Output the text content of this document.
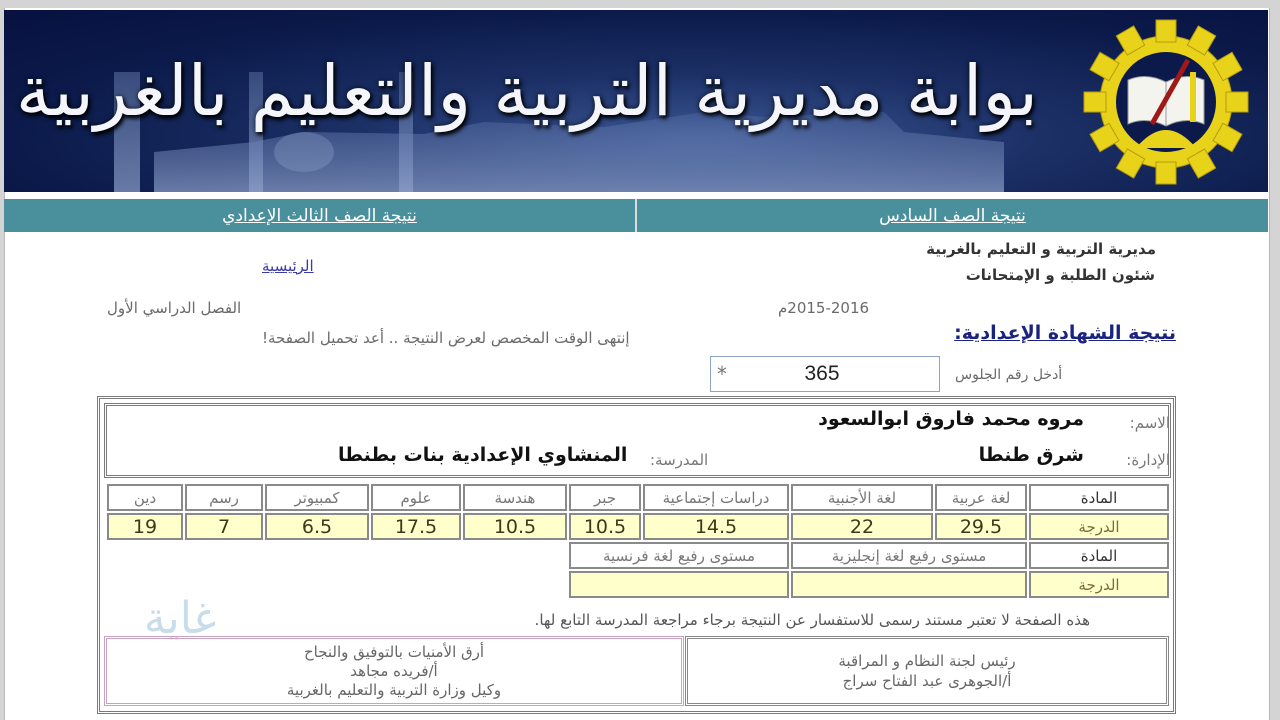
بوابة مديرية التربية والتعليم بالغربية
نتيجة الصف السادس
نتيجة الصف الثالث الإعدادي
مديرية التربية و التعليم بالغربية
شئون الطلبة و الإمتحانات
الرئيسية
2015-2016م
الفصل الدراسي الأول
نتيجة الشهادة الإعدادية:
إنتهى الوقت المخصص لعرض النتيجة .. أعد تحميل الصفحة!
أدخل رقم الجلوس
*
365
الاسم:
مروه محمد فاروق ابوالسعود
الإدارة:
شرق طنطا
المدرسة:
المنشاوي الإعدادية بنات بطنطا
المادة	لغة عربية	لغة الأجنبية	دراسات إجتماعية	جبر	هندسة	علوم	كمبيوتر	رسم	دين
الدرجة	29.5	22	14.5	10.5	10.5	17.5	6.5	7	19
المادة	مستوى رفيع لغة إنجليزية		مستوى رفيع لغة فرنسية						
الدرجة									
غاية	هذه الصفحة لا تعتبر مستند رسمى للاستفسار عن النتيجة برجاء مراجعة المدرسة التابع لها.
رئيس لجنة النظام و المراقبة
أ/الجوهرى عبد الفتاح سراج
أرق الأمنيات بالتوفيق والنجاح
أ/فريده مجاهد
وكيل وزارة التربية والتعليم بالغربية
